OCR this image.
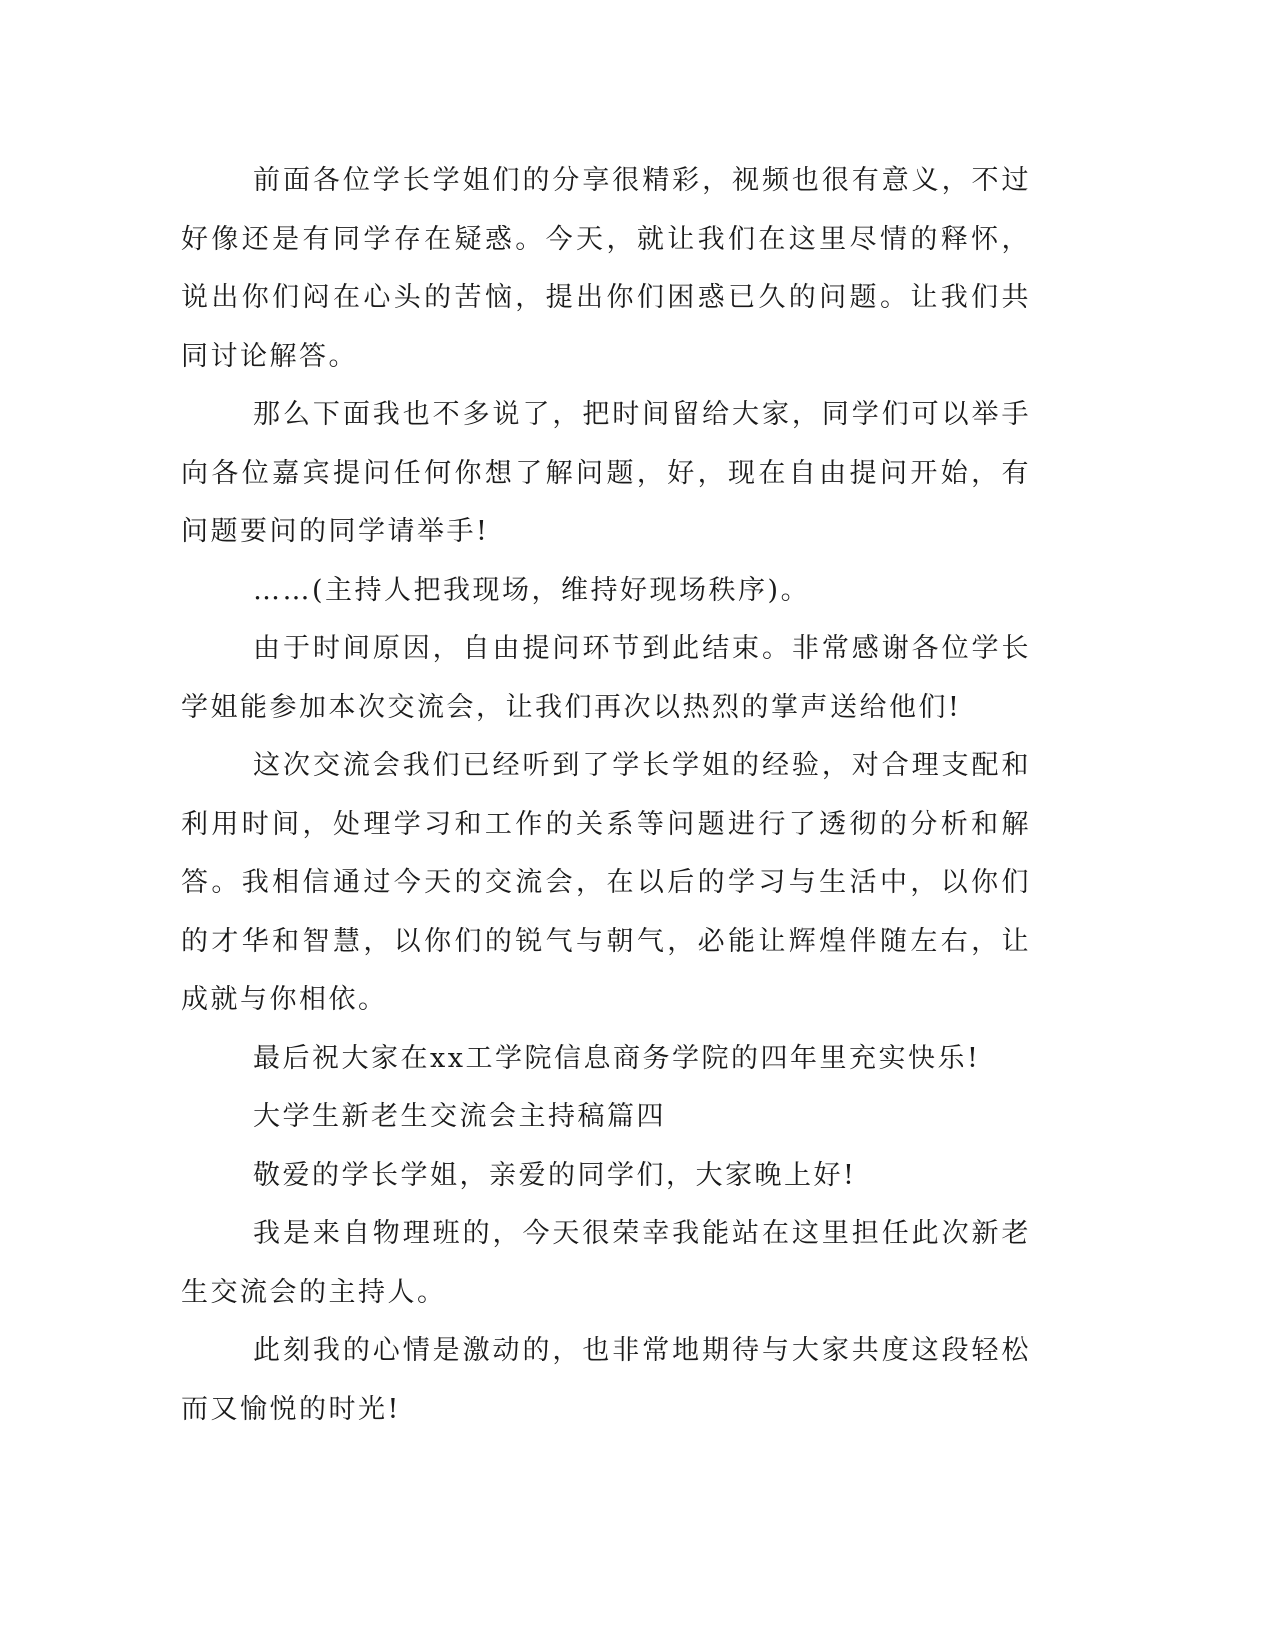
前面各位学长学姐们的分享很精彩，视频也很有意义，不过好像还是有同学存在疑惑。今天，就让我们在这里尽情的释怀，说出你们闷在心头的苦恼，提出你们困惑已久的问题。让我们共同讨论解答。

那么下面我也不多说了，把时间留给大家，同学们可以举手向各位嘉宾提问任何你想了解问题，好，现在自由提问开始，有问题要问的同学请举手!

……(主持人把我现场，维持好现场秩序)。

由于时间原因，自由提问环节到此结束。非常感谢各位学长学姐能参加本次交流会，让我们再次以热烈的掌声送给他们!

这次交流会我们已经听到了学长学姐的经验，对合理支配和利用时间，处理学习和工作的关系等问题进行了透彻的分析和解答。我相信通过今天的交流会，在以后的学习与生活中，以你们的才华和智慧，以你们的锐气与朝气，必能让辉煌伴随左右，让成就与你相依。

最后祝大家在xx工学院信息商务学院的四年里充实快乐!

大学生新老生交流会主持稿篇四

敬爱的学长学姐，亲爱的同学们，大家晚上好!

我是来自物理班的，今天很荣幸我能站在这里担任此次新老生交流会的主持人。

此刻我的心情是激动的，也非常地期待与大家共度这段轻松而又愉悦的时光!
